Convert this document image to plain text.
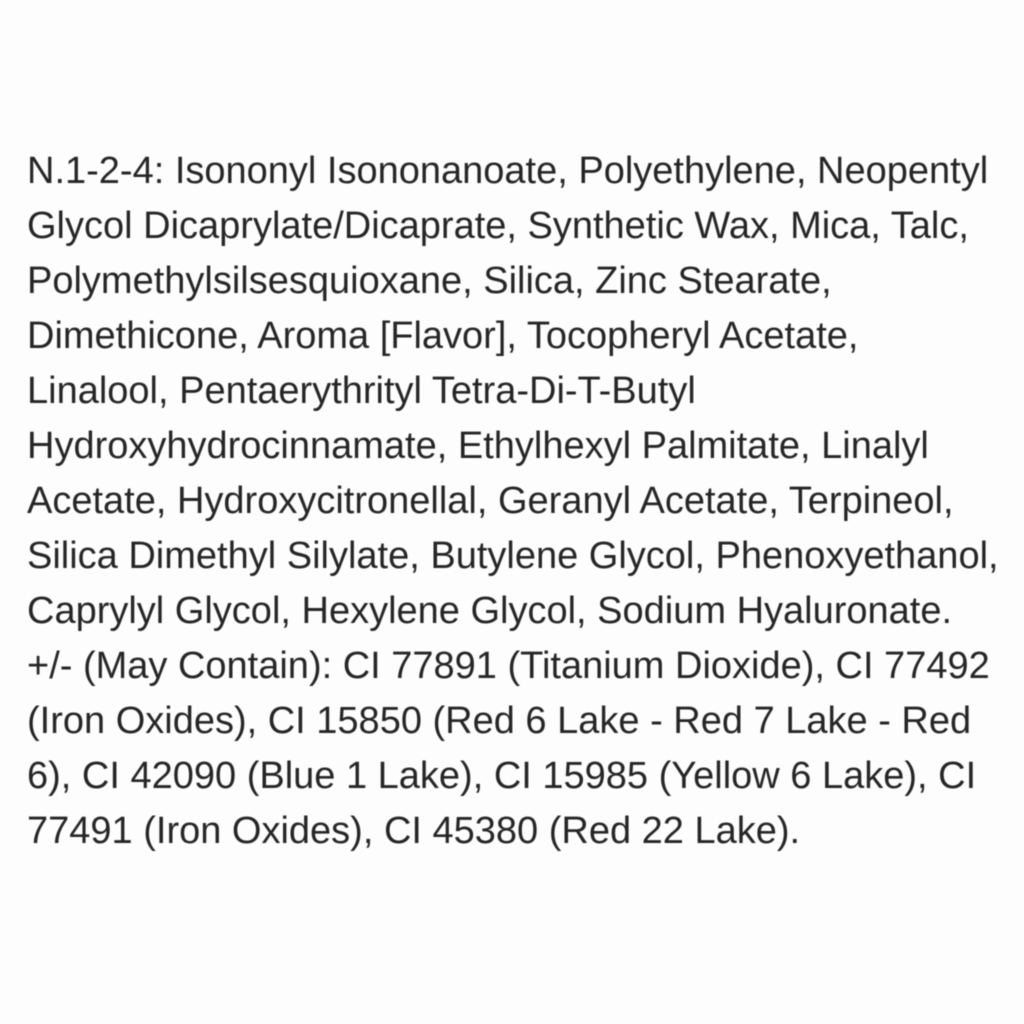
N.1-2-4: Isononyl Isononanoate, Polyethylene, Neopentyl
Glycol Dicaprylate/Dicaprate, Synthetic Wax, Mica, Talc,
Polymethylsilsesquioxane, Silica, Zinc Stearate,
Dimethicone, Aroma [Flavor], Tocopheryl Acetate,
Linalool, Pentaerythrityl Tetra-Di-T-Butyl
Hydroxyhydrocinnamate, Ethylhexyl Palmitate, Linalyl
Acetate, Hydroxycitronellal, Geranyl Acetate, Terpineol,
Silica Dimethyl Silylate, Butylene Glycol, Phenoxyethanol,
Caprylyl Glycol, Hexylene Glycol, Sodium Hyaluronate.
+/- (May Contain): CI 77891 (Titanium Dioxide), CI 77492
(Iron Oxides), CI 15850 (Red 6 Lake - Red 7 Lake - Red
6), CI 42090 (Blue 1 Lake), CI 15985 (Yellow 6 Lake), CI
77491 (Iron Oxides), CI 45380 (Red 22 Lake).
